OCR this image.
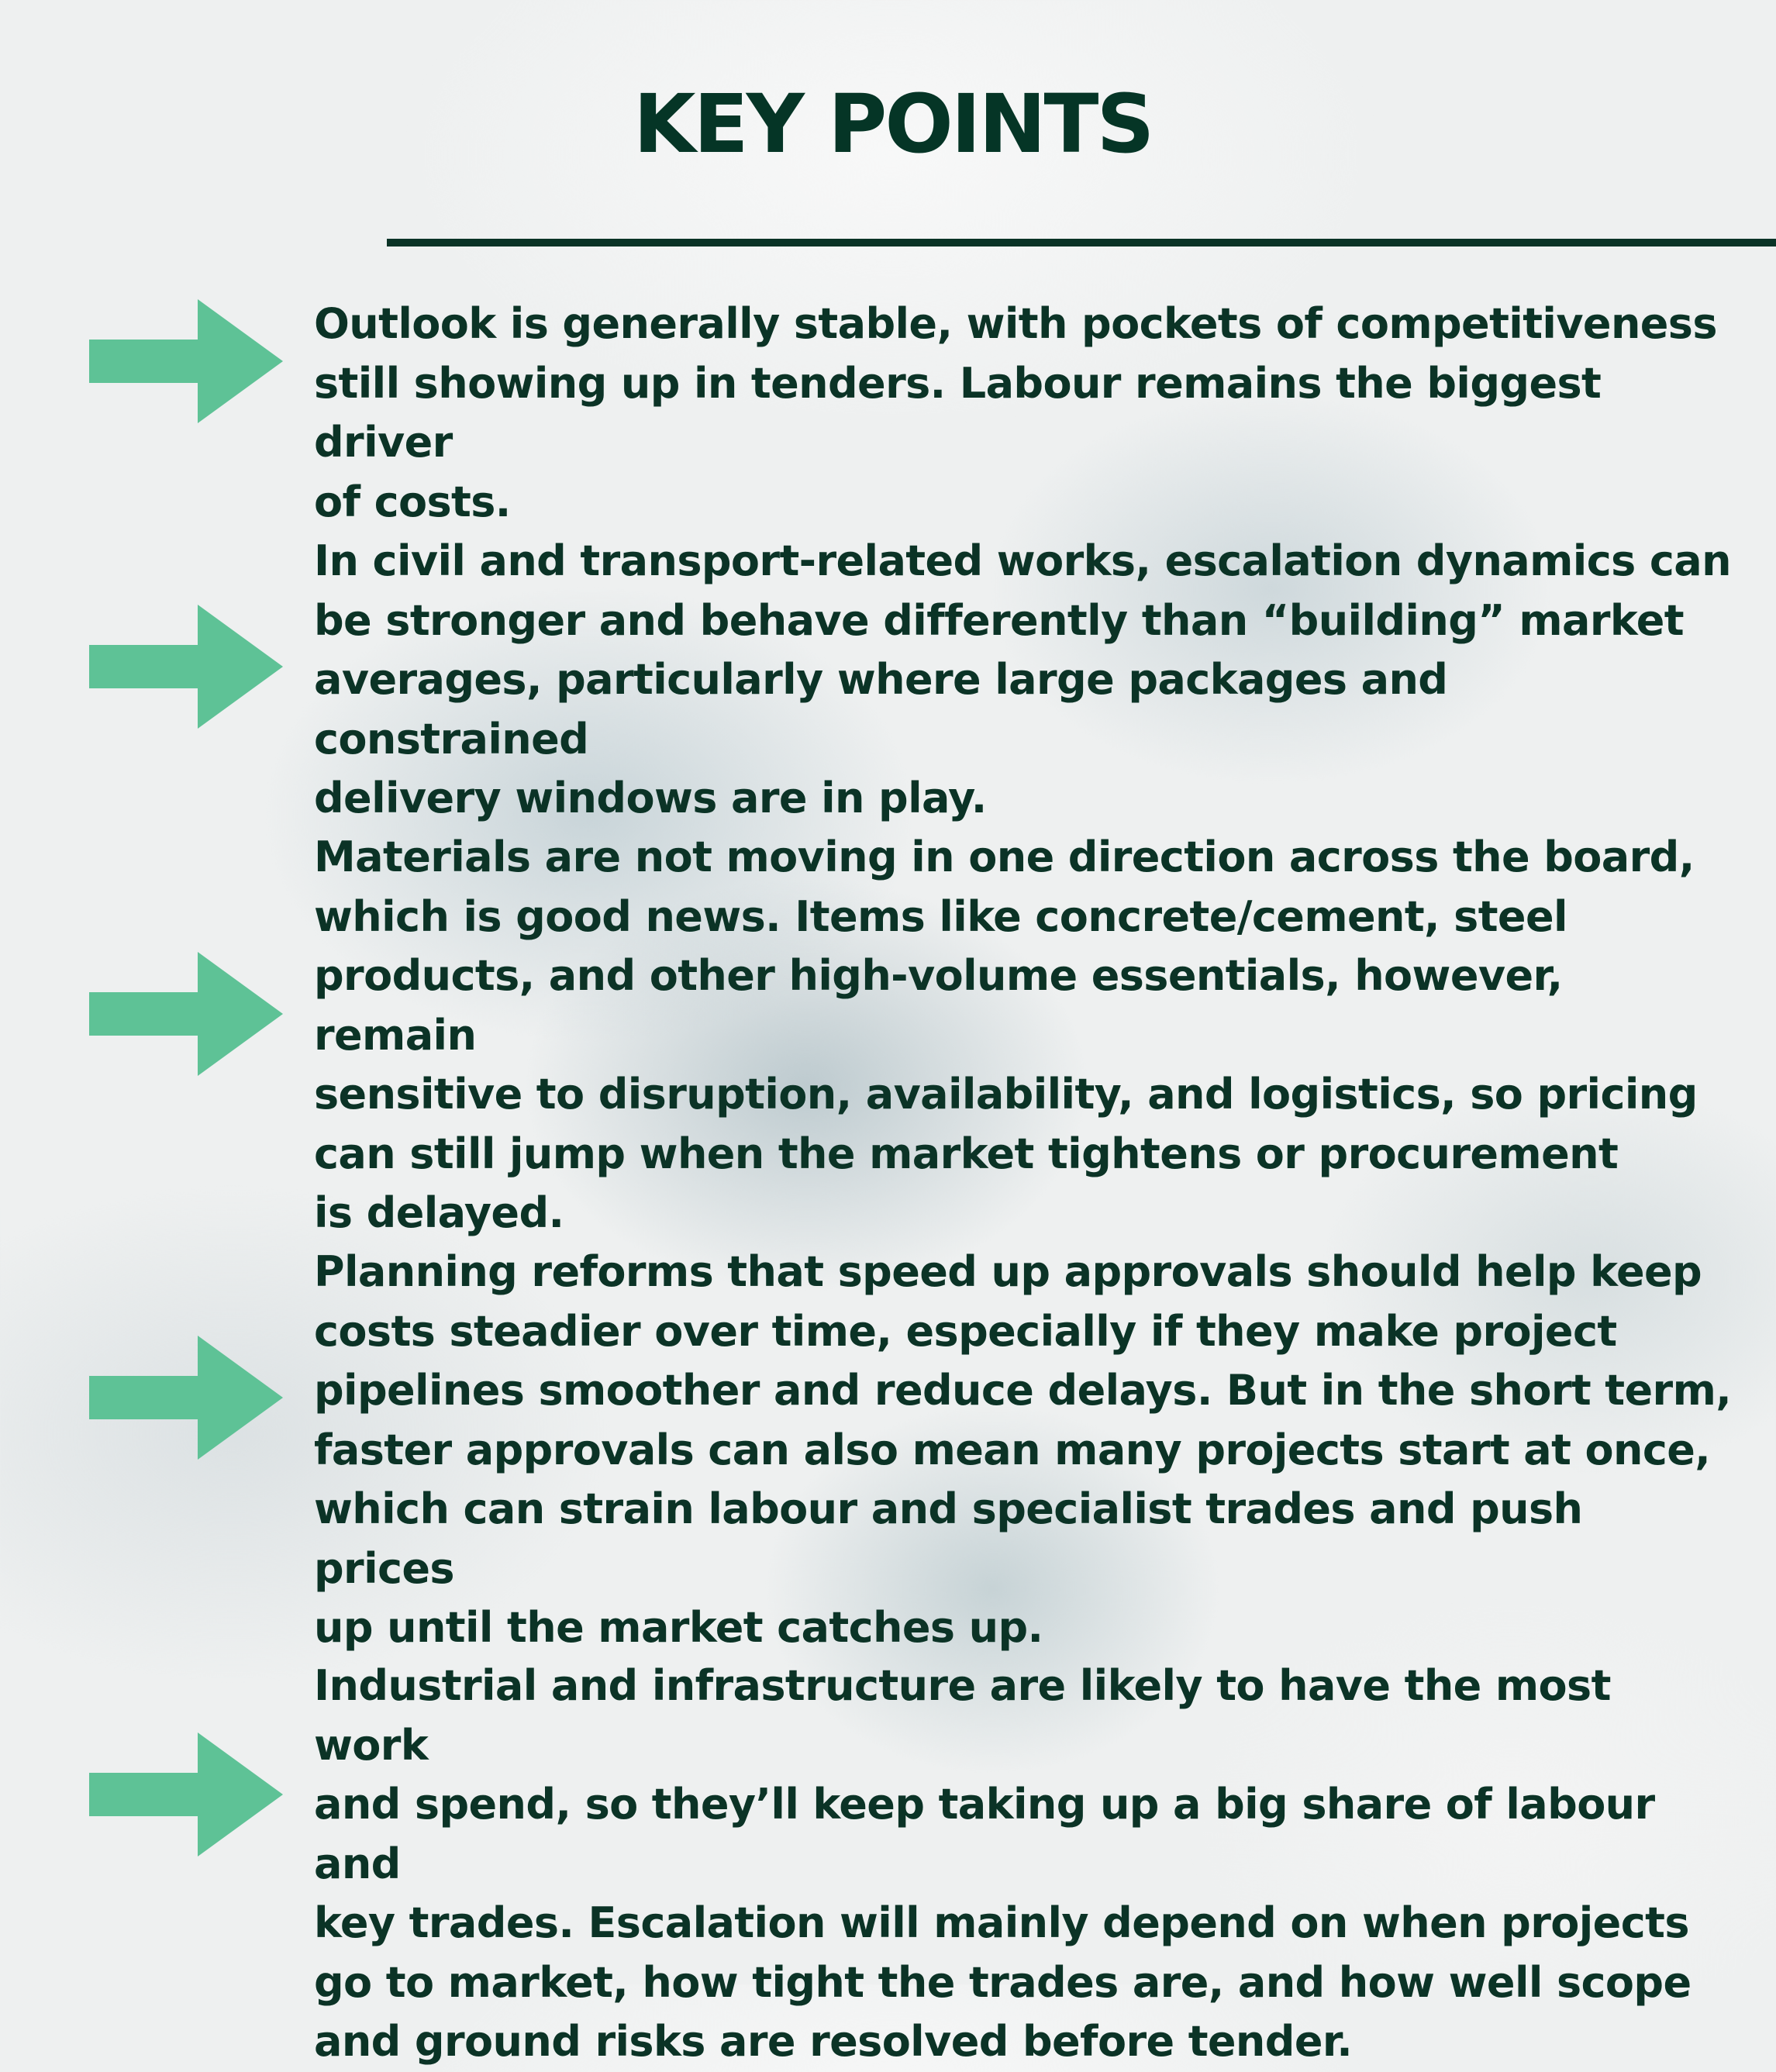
KEY POINTS

Outlook is generally stable, with pockets of competitiveness
still showing up in tenders. Labour remains the biggest driver
of costs.

In civil and transport-related works, escalation dynamics can
be stronger and behave differently than “building” market
averages, particularly where large packages and constrained
delivery windows are in play.

Materials are not moving in one direction across the board,
which is good news. Items like concrete/cement, steel
products, and other high-volume essentials, however, remain
sensitive to disruption, availability, and logistics, so pricing
can still jump when the market tightens or procurement
is delayed.

Planning reforms that speed up approvals should help keep
costs steadier over time, especially if they make project
pipelines smoother and reduce delays. But in the short term,
faster approvals can also mean many projects start at once,
which can strain labour and specialist trades and push prices
up until the market catches up.

Industrial and infrastructure are likely to have the most work
and spend, so they’ll keep taking up a big share of labour and
key trades. Escalation will mainly depend on when projects
go to market, how tight the trades are, and how well scope
and ground risks are resolved before tender.
